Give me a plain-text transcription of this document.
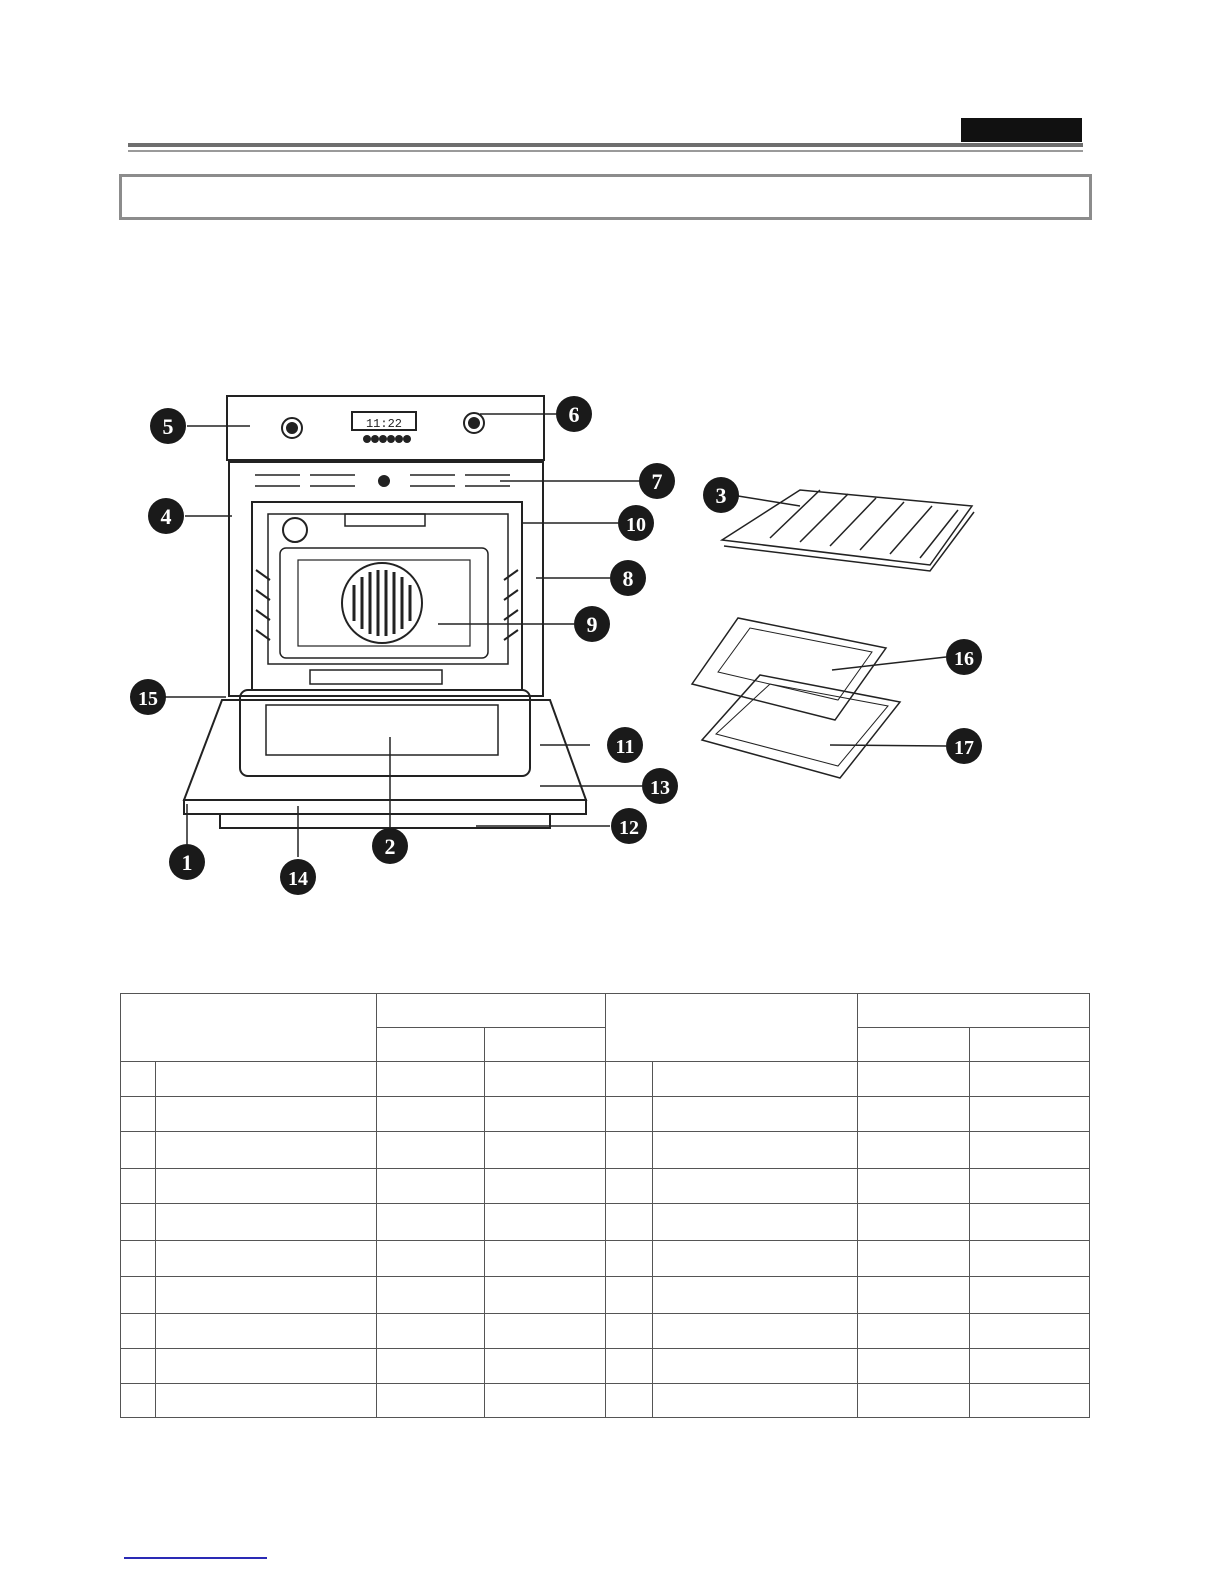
1
2
3
4
5	6
7
8
9
10
11
12
13
14
15
16
17
11:22
